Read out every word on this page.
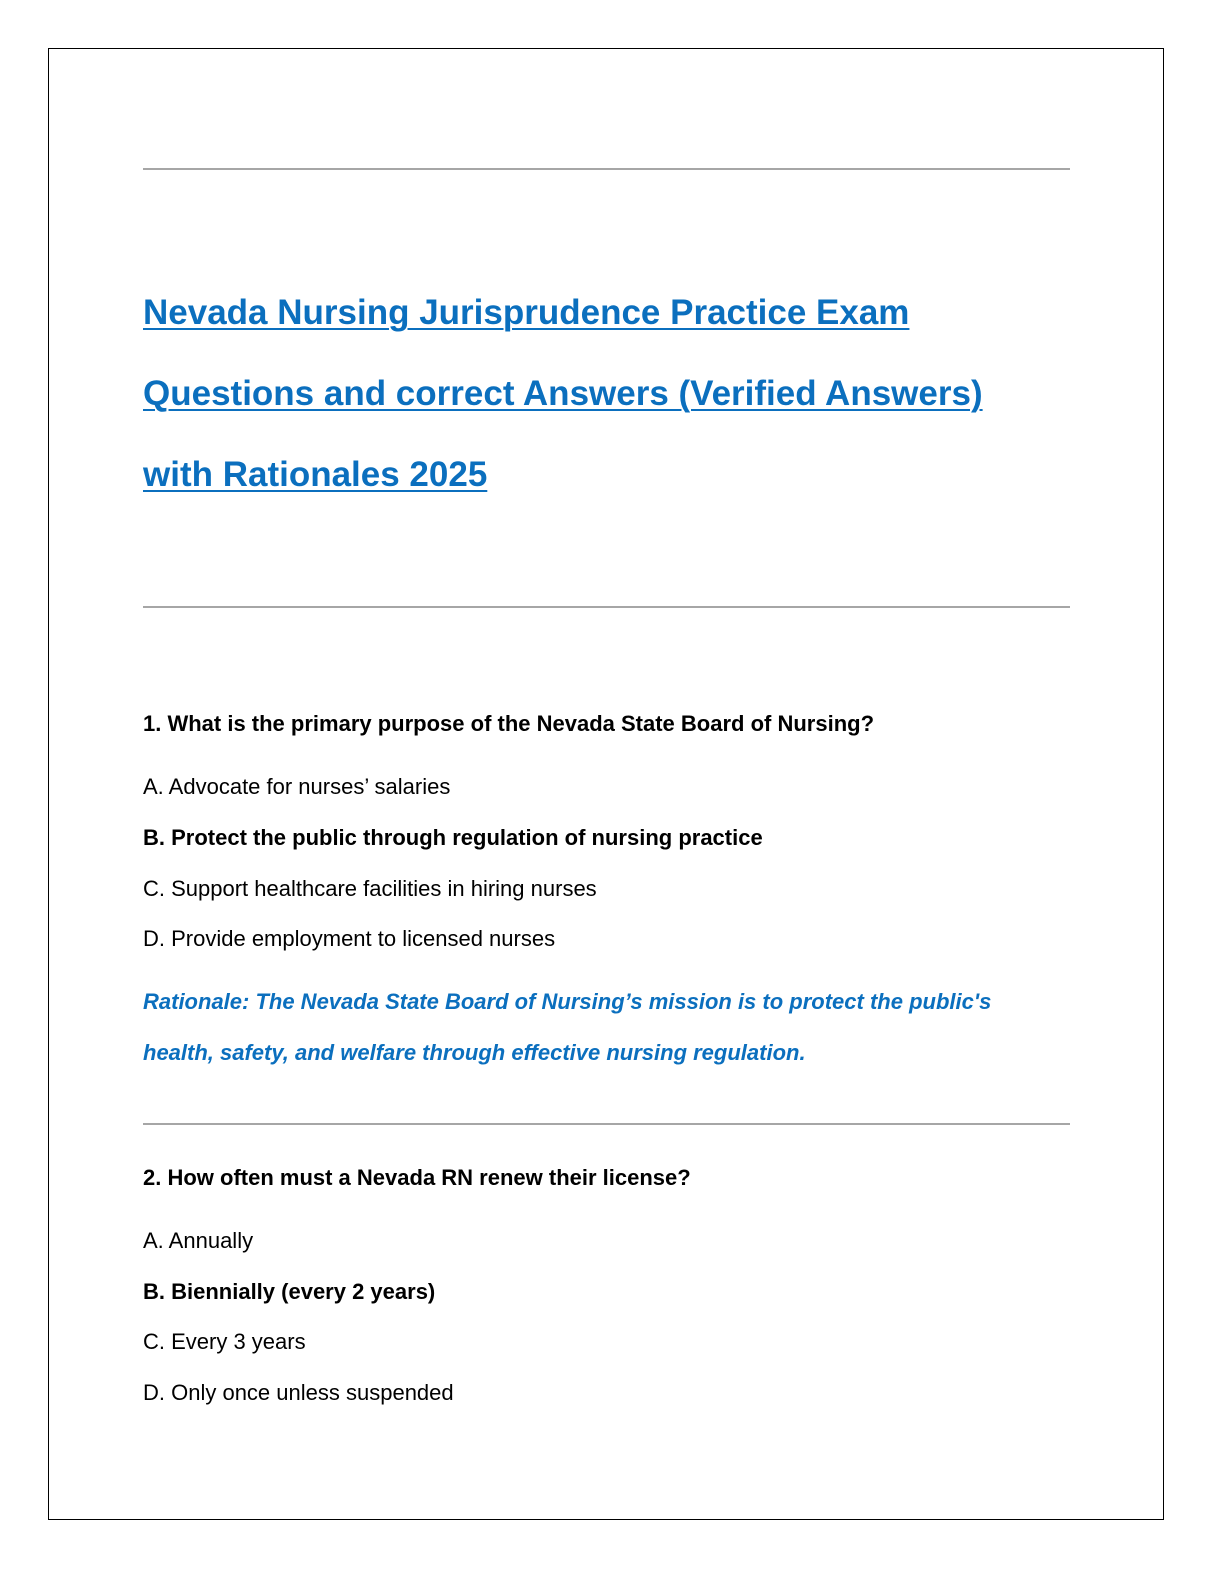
Nevada Nursing Jurisprudence Practice Exam
Questions and correct Answers (Verified Answers)
with Rationales 2025

1. What is the primary purpose of the Nevada State Board of Nursing?

A. Advocate for nurses’ salaries

B. Protect the public through regulation of nursing practice

C. Support healthcare facilities in hiring nurses

D. Provide employment to licensed nurses

Rationale: The Nevada State Board of Nursing’s mission is to protect the public's

health, safety, and welfare through effective nursing regulation.

2. How often must a Nevada RN renew their license?

A. Annually

B. Biennially (every 2 years)

C. Every 3 years

D. Only once unless suspended
